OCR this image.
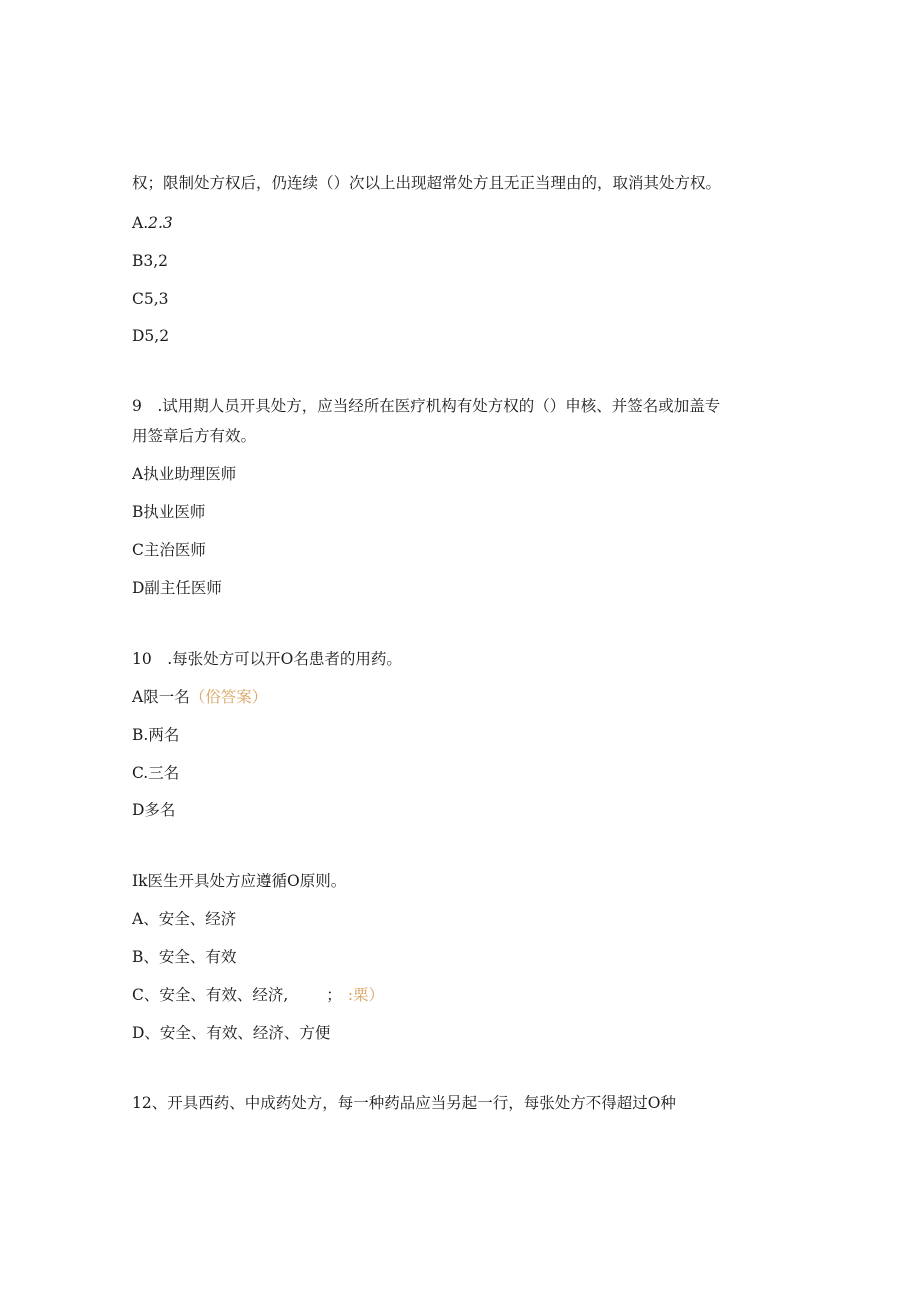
权；限制处方权后，仍连续（）次以上出现超常处方且无正当理由的，取消其处方权。
A.2.3
B3,2
C5,3
D5,2
9　.试用期人员开具处方，应当经所在医疗机构有处方权的（）申核、并签名或加盖专
用签章后方有效。
A执业助理医师
B执业医师
C主治医师
D副主任医师
10　.每张处方可以开O名患者的用药。
A限一名（俗答案）
B.两名
C.三名
D多名
Ik医生开具处方应遵循O原则。
A、安全、经济
B、安全、有效
C、安全、有效、经济, ； :栗）
D、安全、有效、经济、方便
12、开具西药、中成药处方，每一种药品应当另起一行，每张处方不得超过O种
